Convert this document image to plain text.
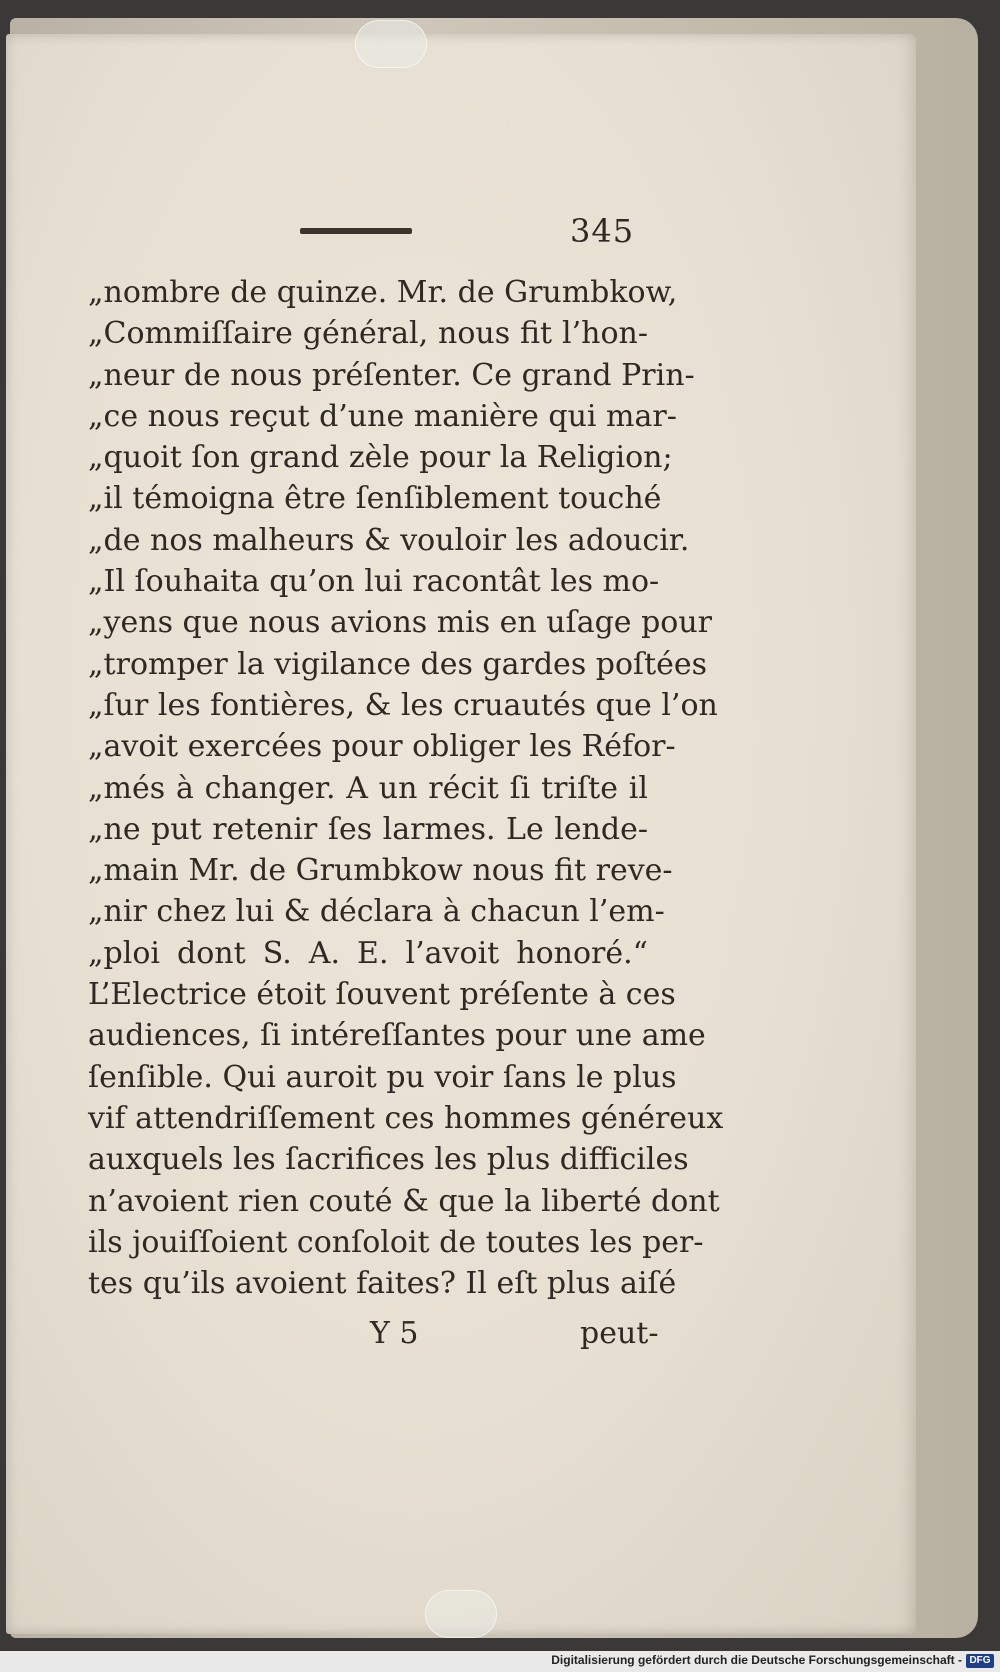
345
„nombre de quinze. Mr. de Grumbkow,
„Commiſſaire général, nous fit l’hon-
„neur de nous préſenter. Ce grand Prin-
„ce nous reçut d’une manière qui mar-
„quoit ſon grand zèle pour la Religion;
„il témoigna être ſenſiblement touché
„de nos malheurs & vouloir les adoucir.
„Il ſouhaita qu’on lui racontât les mo-
„yens que nous avions mis en uſage pour
„tromper la vigilance des gardes poſtées
„ſur les fontières, & les cruautés que l’on
„avoit exercées pour obliger les Réfor-
„més à changer. A un récit ſi triſte il
„ne put retenir ſes larmes. Le lende-
„main Mr. de Grumbkow nous fit reve-
„nir chez lui & déclara à chacun l’em-
„ploi dont S. A. E. l’avoit honoré.“
L’Electrice étoit ſouvent préſente à ces
audiences, ſi intéreſſantes pour une ame
ſenſible. Qui auroit pu voir ſans le plus
vif attendriſſement ces hommes généreux
auxquels les ſacrifices les plus difficiles
n’avoient rien couté & que la liberté dont
ils jouiſſoient conſoloit de toutes les per-
tes qu’ils avoient faites? Il eſt plus aiſé
Y 5	peut-
Digitalisierung gefördert durch die Deutsche Forschungsgemeinschaft - DFG
